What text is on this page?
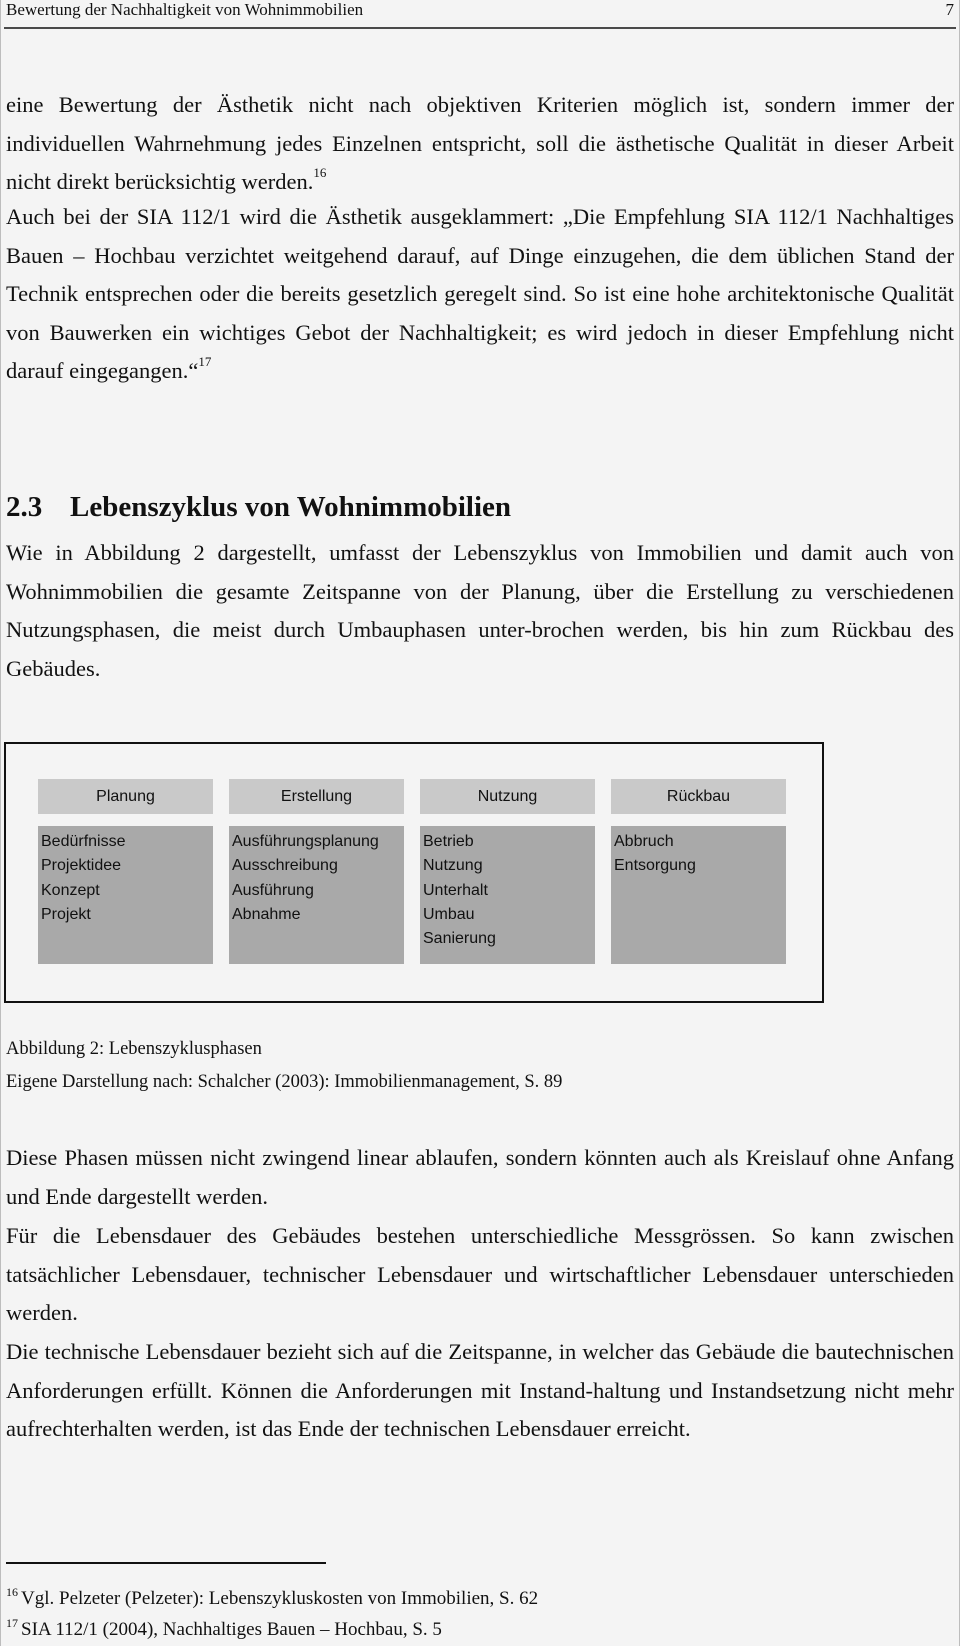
Bewertung der Nachhaltigkeit von Wohnimmobilien	7

eine Bewertung der Ästhetik nicht nach objektiven Kriterien möglich ist, sondern immer der individuellen Wahrnehmung jedes Einzelnen entspricht, soll die ästhetische Qualität in dieser Arbeit nicht direkt berücksichtig werden.$^{16}$

Auch bei der SIA 112/1 wird die Ästhetik ausgeklammert: „Die Empfehlung SIA 112/1 Nachhaltiges Bauen – Hochbau verzichtet weitgehend darauf, auf Dinge einzugehen, die dem üblichen Stand der Technik entsprechen oder die bereits gesetzlich geregelt sind. So ist eine hohe architektonische Qualität von Bauwerken ein wichtiges Gebot der Nachhaltigkeit; es wird jedoch in dieser Empfehlung nicht darauf eingegangen.“$^{17}$

2.3 Lebenszyklus von Wohnimmobilien

Wie in Abbildung 2 dargestellt, umfasst der Lebenszyklus von Immobilien und damit auch von Wohnimmobilien die gesamte Zeitspanne von der Planung, über die Erstellung zu verschiedenen Nutzungsphasen, die meist durch Umbauphasen unter-brochen werden, bis hin zum Rückbau des Gebäudes.

Planung
Bedürfnisse
Projektidee
Konzept
Projekt
Erstellung
Ausführungsplanung
Ausschreibung
Ausführung
Abnahme
Nutzung
Betrieb
Nutzung
Unterhalt
Umbau
Sanierung
Rückbau
Abbruch
Entsorgung
Abbildung 2: Lebenszyklusphasen
Eigene Darstellung nach: Schalcher (2003): Immobilienmanagement, S. 89

Diese Phasen müssen nicht zwingend linear ablaufen, sondern könnten auch als Kreislauf ohne Anfang und Ende dargestellt werden.

Für die Lebensdauer des Gebäudes bestehen unterschiedliche Messgrössen. So kann zwischen tatsächlicher Lebensdauer, technischer Lebensdauer und wirtschaftlicher Lebensdauer unterschieden werden.

Die technische Lebensdauer bezieht sich auf die Zeitspanne, in welcher das Gebäude die bautechnischen Anforderungen erfüllt. Können die Anforderungen mit Instand-haltung und Instandsetzung nicht mehr aufrechterhalten werden, ist das Ende der technischen Lebensdauer erreicht.

$^{16}$ Vgl. Pelzeter (Pelzeter): Lebenszykluskosten von Immobilien, S. 62
$^{17}$ SIA 112/1 (2004), Nachhaltiges Bauen – Hochbau, S. 5
